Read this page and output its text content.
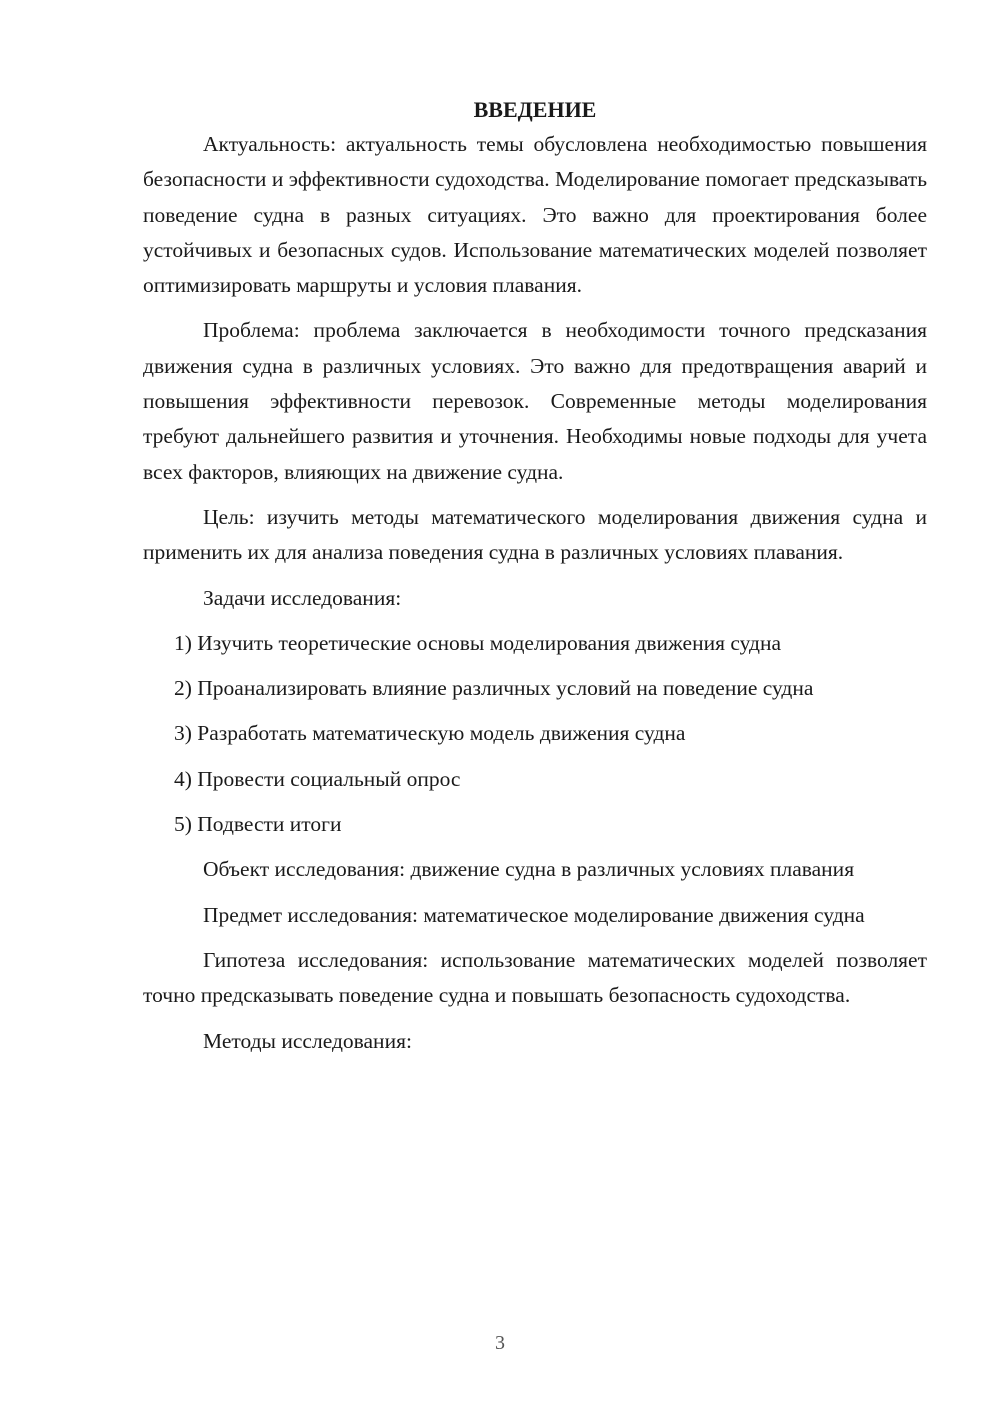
ВВЕДЕНИЕ

Актуальность: актуальность темы обусловлена необходимостью повышения безопасности и эффективности судоходства. Моделирование помогает предсказывать поведение судна в разных ситуациях. Это важно для проектирования более устойчивых и безопасных судов. Использование математических моделей позволяет оптимизировать маршруты и условия плавания.

Проблема: проблема заключается в необходимости точного предсказания движения судна в различных условиях. Это важно для предотвращения аварий и повышения эффективности перевозок. Современные методы моделирования требуют дальнейшего развития и уточнения. Необходимы новые подходы для учета всех факторов, влияющих на движение судна.

Цель: изучить методы математического моделирования движения судна и применить их для анализа поведения судна в различных условиях плавания.

Задачи исследования:

1) Изучить теоретические основы моделирования движения судна
2) Проанализировать влияние различных условий на поведение судна
3) Разработать математическую модель движения судна
4) Провести социальный опрос
5) Подвести итоги

Объект исследования: движение судна в различных условиях плавания

Предмет исследования: математическое моделирование движения судна

Гипотеза исследования: использование математических моделей позволяет точно предсказывать поведение судна и повышать безопасность судоходства.

Методы исследования:

3
